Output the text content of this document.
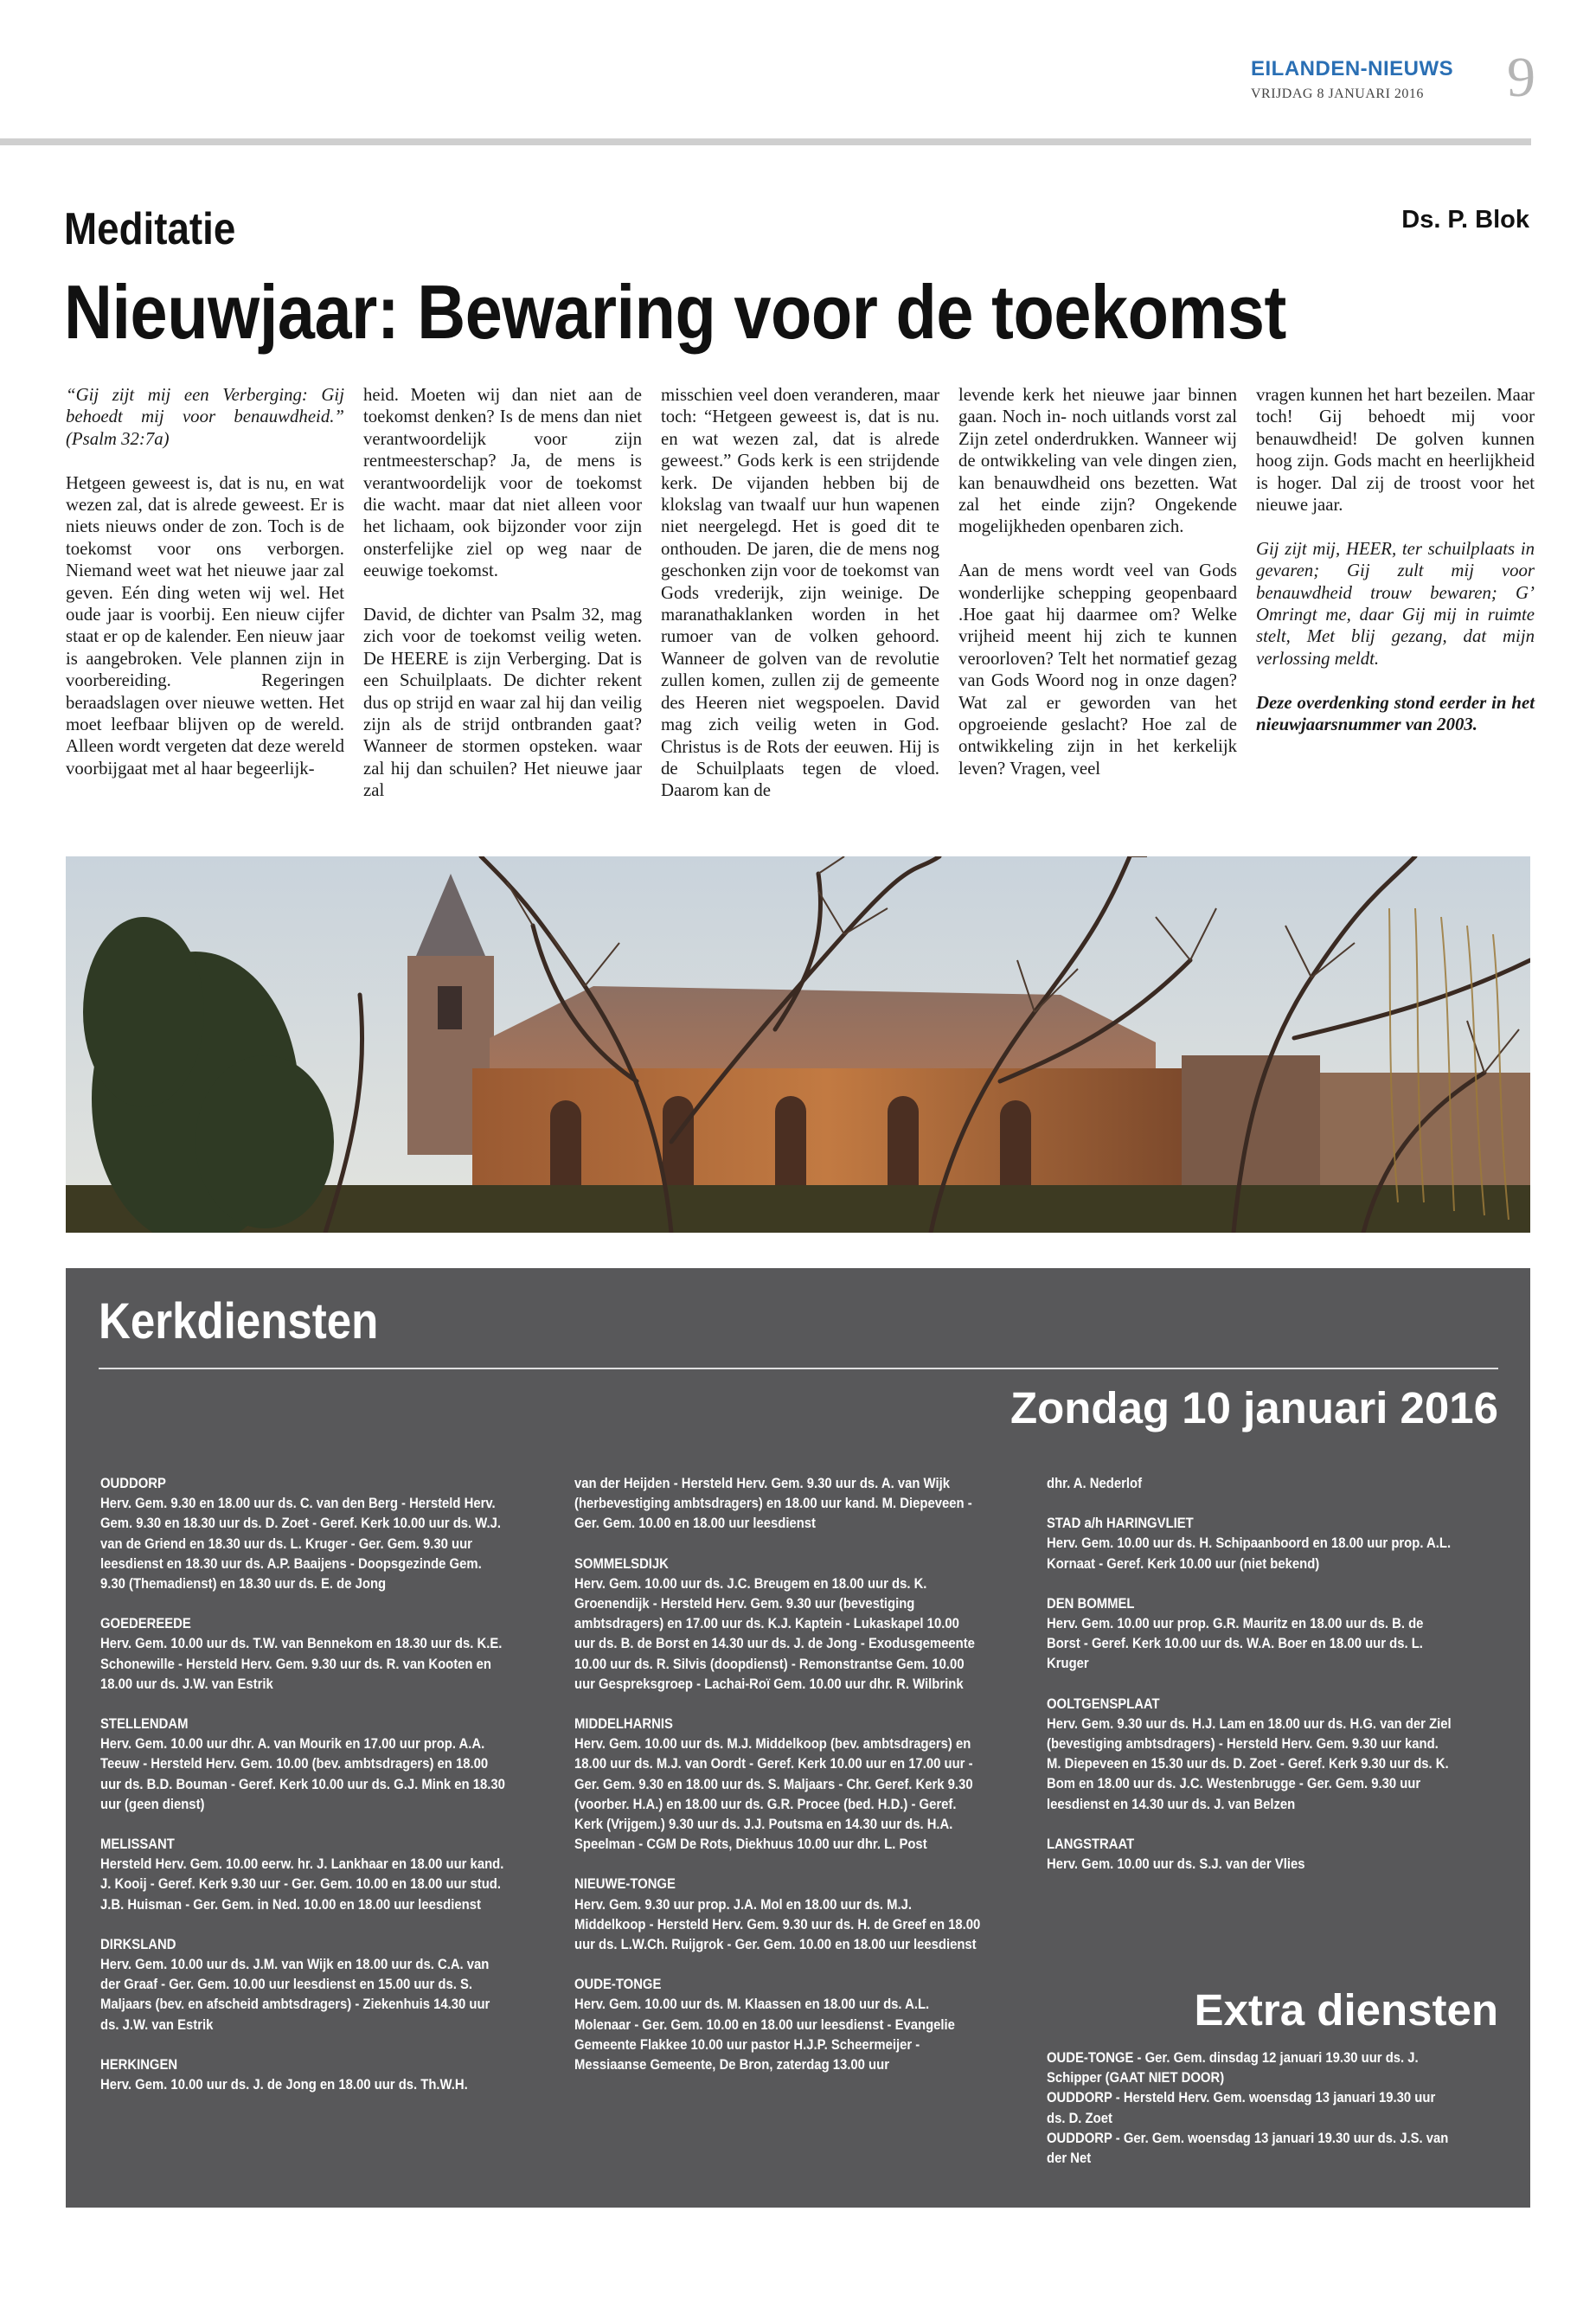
EILANDEN-NIEUWS
VRIJDAG 8 JANUARI 2016 9
Meditatie	Ds. P. Blok
Nieuwjaar: Bewaring voor de toekomst

“Gij zijt mij een Verberging: Gij behoedt mij voor benauwdheid.” (Psalm 32:7a)

Hetgeen geweest is, dat is nu, en wat wezen zal, dat is alrede geweest. Er is niets nieuws onder de zon. Toch is de toekomst voor ons verborgen. Niemand weet wat het nieuwe jaar zal geven. Eén ding weten wij wel. Het oude jaar is voorbij. Een nieuw cijfer staat er op de kalender. Een nieuw jaar is aangebroken. Vele plannen zijn in voorbereiding. Regeringen beraadslagen over nieuwe wetten. Het moet leefbaar blijven op de wereld. Alleen wordt vergeten dat deze wereld voorbijgaat met al haar begeerlijk-

heid. Moeten wij dan niet aan de toekomst denken? Is de mens dan niet verantwoordelijk voor zijn rentmeesterschap? Ja, de mens is verantwoordelijk voor de toekomst die wacht. maar dat niet alleen voor het lichaam, ook bijzonder voor zijn onsterfelijke ziel op weg naar de eeuwige toekomst.

David, de dichter van Psalm 32, mag zich voor de toekomst veilig weten. De HEERE is zijn Verberging. Dat is een Schuilplaats. De dichter rekent dus op strijd en waar zal hij dan veilig zijn als de strijd ontbranden gaat? Wanneer de stormen opsteken. waar zal hij dan schuilen? Het nieuwe jaar zal

misschien veel doen veranderen, maar toch: “Hetgeen geweest is, dat is nu. en wat wezen zal, dat is alrede geweest.” Gods kerk is een strijdende kerk. De vijanden hebben bij de klokslag van twaalf uur hun wapenen niet neergelegd. Het is goed dit te onthouden. De jaren, die de mens nog geschonken zijn voor de toekomst van Gods vrederijk, zijn weinige. De maranathaklanken worden in het rumoer van de volken gehoord. Wanneer de golven van de revolutie zullen komen, zullen zij de gemeente des Heeren niet wegspoelen. David mag zich veilig weten in God. Christus is de Rots der eeuwen. Hij is de Schuilplaats tegen de vloed. Daarom kan de

levende kerk het nieuwe jaar binnen gaan. Noch in- noch uitlands vorst zal Zijn zetel onderdrukken. Wanneer wij de ontwikkeling van vele dingen zien, kan benauwdheid ons bezetten. Wat zal het einde zijn? Ongekende mogelijkheden openbaren zich.

Aan de mens wordt veel van Gods wonderlijke schepping geopenbaard .Hoe gaat hij daarmee om? Welke vrijheid meent hij zich te kunnen veroorloven? Telt het normatief gezag van Gods Woord nog in onze dagen? Wat zal er geworden van het opgroeiende geslacht? Hoe zal de ontwikkeling zijn in het kerkelijk leven? Vragen, veel

vragen kunnen het hart bezeilen. Maar toch! Gij behoedt mij voor benauwdheid! De golven kunnen hoog zijn. Gods macht en heerlijkheid is hoger. Dal zij de troost voor het nieuwe jaar.

Gij zijt mij, HEER, ter schuilplaats in gevaren; Gij zult mij voor benauwdheid trouw bewaren; G’ Omringt me, daar Gij mij in ruimte stelt, Met blij gezang, dat mijn verlossing meldt.

Deze overdenking stond eerder in het nieuwjaarsnummer van 2003.

Kerkdiensten
Zondag 10 januari 2016
OUDDORP
Herv. Gem. 9.30 en 18.00 uur ds. C. van den Berg - Hersteld Herv. Gem. 9.30 en 18.30 uur ds. D. Zoet - Geref. Kerk 10.00 uur ds. W.J. van de Griend en 18.30 uur ds. L. Kruger - Ger. Gem. 9.30 uur leesdienst en 18.30 uur ds. A.P. Baaijens - Doopsgezinde Gem. 9.30 (Themadienst) en 18.30 uur ds. E. de Jong
GOEDEREEDE
Herv. Gem. 10.00 uur ds. T.W. van Bennekom en 18.30 uur ds. K.E. Schonewille - Hersteld Herv. Gem. 9.30 uur ds. R. van Kooten en 18.00 uur ds. J.W. van Estrik
STELLENDAM
Herv. Gem. 10.00 uur dhr. A. van Mourik en 17.00 uur prop. A.A. Teeuw - Hersteld Herv. Gem. 10.00 (bev. ambtsdragers) en 18.00 uur ds. B.D. Bouman - Geref. Kerk 10.00 uur ds. G.J. Mink en 18.30 uur (geen dienst)
MELISSANT
Hersteld Herv. Gem. 10.00 eerw. hr. J. Lankhaar en 18.00 uur kand. J. Kooij - Geref. Kerk 9.30 uur - Ger. Gem. 10.00 en 18.00 uur stud. J.B. Huisman - Ger. Gem. in Ned. 10.00 en 18.00 uur leesdienst
DIRKSLAND
Herv. Gem. 10.00 uur ds. J.M. van Wijk en 18.00 uur ds. C.A. van der Graaf - Ger. Gem. 10.00 uur leesdienst en 15.00 uur ds. S. Maljaars (bev. en afscheid ambtsdragers) - Ziekenhuis 14.30 uur ds. J.W. van Estrik
HERKINGEN
Herv. Gem. 10.00 uur ds. J. de Jong en 18.00 uur ds. Th.W.H.
van der Heijden - Hersteld Herv. Gem. 9.30 uur ds. A. van Wijk (herbevestiging ambtsdragers) en 18.00 uur kand. M. Diepeveen - Ger. Gem. 10.00 en 18.00 uur leesdienst
SOMMELSDIJK
Herv. Gem. 10.00 uur ds. J.C. Breugem en 18.00 uur ds. K. Groenendijk - Hersteld Herv. Gem. 9.30 uur (bevestiging ambtsdragers) en 17.00 uur ds. K.J. Kaptein - Lukaskapel 10.00 uur ds. B. de Borst en 14.30 uur ds. J. de Jong - Exodusgemeente 10.00 uur ds. R. Silvis (doopdienst) - Remonstrantse Gem. 10.00 uur Gespreksgroep - Lachai-Roï Gem. 10.00 uur dhr. R. Wilbrink
MIDDELHARNIS
Herv. Gem. 10.00 uur ds. M.J. Middelkoop (bev. ambtsdragers) en 18.00 uur ds. M.J. van Oordt - Geref. Kerk 10.00 uur en 17.00 uur - Ger. Gem. 9.30 en 18.00 uur ds. S. Maljaars - Chr. Geref. Kerk 9.30 (voorber. H.A.) en 18.00 uur ds. G.R. Procee (bed. H.D.) - Geref. Kerk (Vrijgem.) 9.30 uur ds. J.J. Poutsma en 14.30 uur ds. H.A. Speelman - CGM De Rots, Diekhuus 10.00 uur dhr. L. Post
NIEUWE-TONGE
Herv. Gem. 9.30 uur prop. J.A. Mol en 18.00 uur ds. M.J. Middelkoop - Hersteld Herv. Gem. 9.30 uur ds. H. de Greef en 18.00 uur ds. L.W.Ch. Ruijgrok - Ger. Gem. 10.00 en 18.00 uur leesdienst
OUDE-TONGE
Herv. Gem. 10.00 uur ds. M. Klaassen en 18.00 uur ds. A.L. Molenaar - Ger. Gem. 10.00 en 18.00 uur leesdienst - Evangelie Gemeente Flakkee 10.00 uur pastor H.J.P. Scheermeijer - Messiaanse Gemeente, De Bron, zaterdag 13.00 uur
dhr. A. Nederlof
STAD a/h HARINGVLIET
Herv. Gem. 10.00 uur ds. H. Schipaanboord en 18.00 uur prop. A.L. Kornaat - Geref. Kerk 10.00 uur (niet bekend)
DEN BOMMEL
Herv. Gem. 10.00 uur prop. G.R. Mauritz en 18.00 uur ds. B. de Borst - Geref. Kerk 10.00 uur ds. W.A. Boer en 18.00 uur ds. L. Kruger
OOLTGENSPLAAT
Herv. Gem. 9.30 uur ds. H.J. Lam en 18.00 uur ds. H.G. van der Ziel (bevestiging ambtsdragers) - Hersteld Herv. Gem. 9.30 uur kand. M. Diepeveen en 15.30 uur ds. D. Zoet - Geref. Kerk 9.30 uur ds. K. Bom en 18.00 uur ds. J.C. Westenbrugge - Ger. Gem. 9.30 uur leesdienst en 14.30 uur ds. J. van Belzen
LANGSTRAAT
Herv. Gem. 10.00 uur ds. S.J. van der Vlies
Extra diensten
OUDE-TONGE - Ger. Gem. dinsdag 12 januari 19.30 uur ds. J. Schipper (GAAT NIET DOOR)
OUDDORP - Hersteld Herv. Gem. woensdag 13 januari 19.30 uur ds. D. Zoet
OUDDORP - Ger. Gem. woensdag 13 januari 19.30 uur ds. J.S. van der Net
